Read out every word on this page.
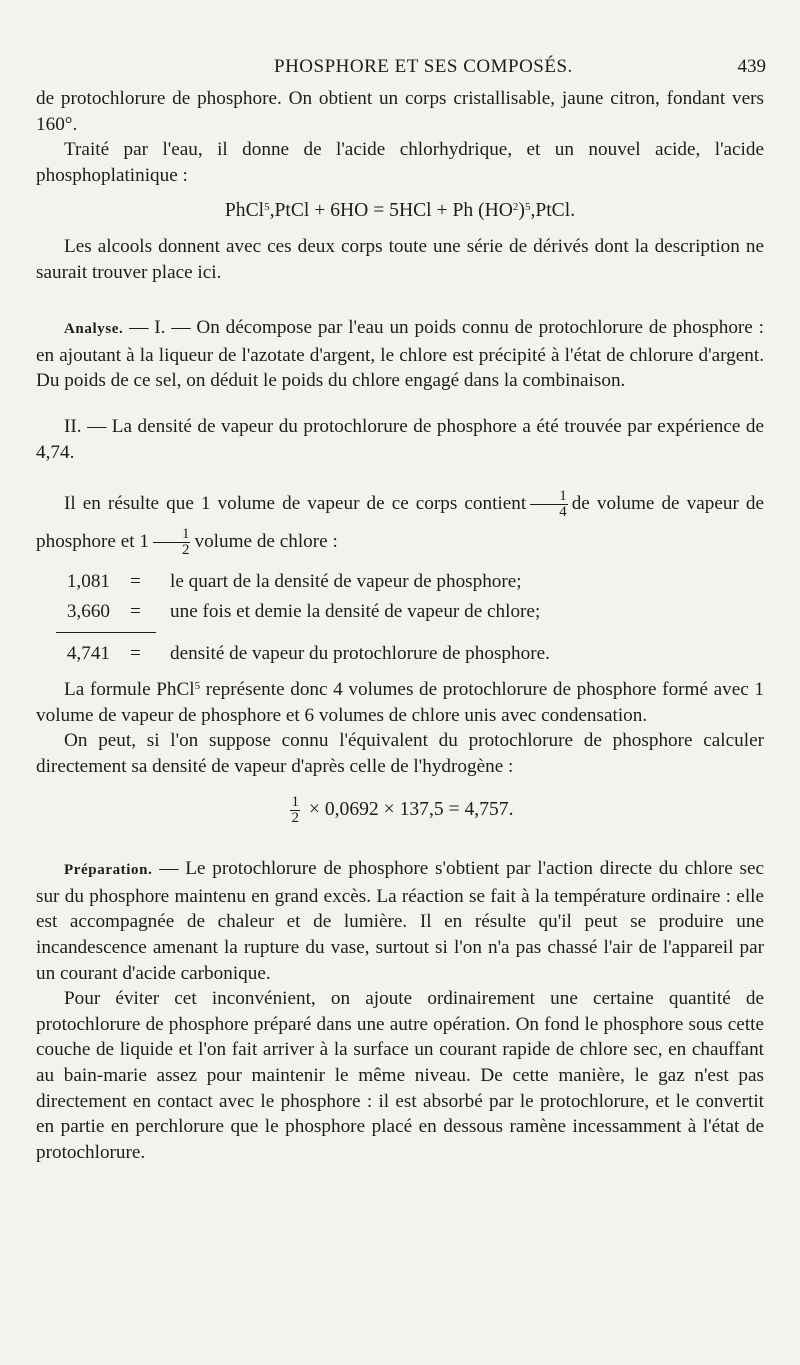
PHOSPHORE ET SES COMPOSÉS.	439

de protochlorure de phosphore. On obtient un corps cristallisable, jaune citron, fondant vers 160°.

Traité par l'eau, il donne de l'acide chlorhydrique, et un nouvel acide, l'acide phosphoplatinique :

PhCl$^5$,PtCl + 6HO = 5HCl + Ph $(HO^2)^5,PtCl$.

Les alcools donnent avec ces deux corps toute une série de dérivés dont la description ne saurait trouver place ici.

Analyse. — I. — On décompose par l'eau un poids connu de protochlorure de phosphore : en ajoutant à la liqueur de l'azotate d'argent, le chlore est précipité à l'état de chlorure d'argent. Du poids de ce sel, on déduit le poids du chlore engagé dans la combinaison.

II. — La densité de vapeur du protochlorure de phosphore a été trouvée par expérience de 4,74.

Il en résulte que 1 volume de vapeur de ce corps contient $\frac{1}{4}$ de volume de vapeur de phosphore et $1 \frac{1}{2}$ volume de chlore :

1,081	=	le quart de la densité de vapeur de phosphore;
3,660	=	une fois et demie la densité de vapeur de chlore;

4,741	=	densité de vapeur du protochlorure de phosphore.

La formule PhCl$^5$ représente donc 4 volumes de protochlorure de phosphore formé avec 1 volume de vapeur de phosphore et 6 volumes de chlore unis avec condensation.

On peut, si l'on suppose connu l'équivalent du protochlorure de phosphore calculer directement sa densité de vapeur d'après celle de l'hydrogène :

$\frac{1}{2} \times 0,0692 \times 137,5 = 4,757$.

Préparation. — Le protochlorure de phosphore s'obtient par l'action directe du chlore sec sur du phosphore maintenu en grand excès. La réaction se fait à la température ordinaire : elle est accompagnée de chaleur et de lumière. Il en résulte qu'il peut se produire une incandescence amenant la rupture du vase, surtout si l'on n'a pas chassé l'air de l'appareil par un courant d'acide carbonique.

Pour éviter cet inconvénient, on ajoute ordinairement une certaine quantité de protochlorure de phosphore préparé dans une autre opération. On fond le phosphore sous cette couche de liquide et l'on fait arriver à la surface un courant rapide de chlore sec, en chauffant au bain-marie assez pour maintenir le même niveau. De cette manière, le gaz n'est pas directement en contact avec le phosphore : il est absorbé par le protochlorure, et le convertit en partie en perchlorure que le phosphore placé en dessous ramène incessamment à l'état de protochlorure.
